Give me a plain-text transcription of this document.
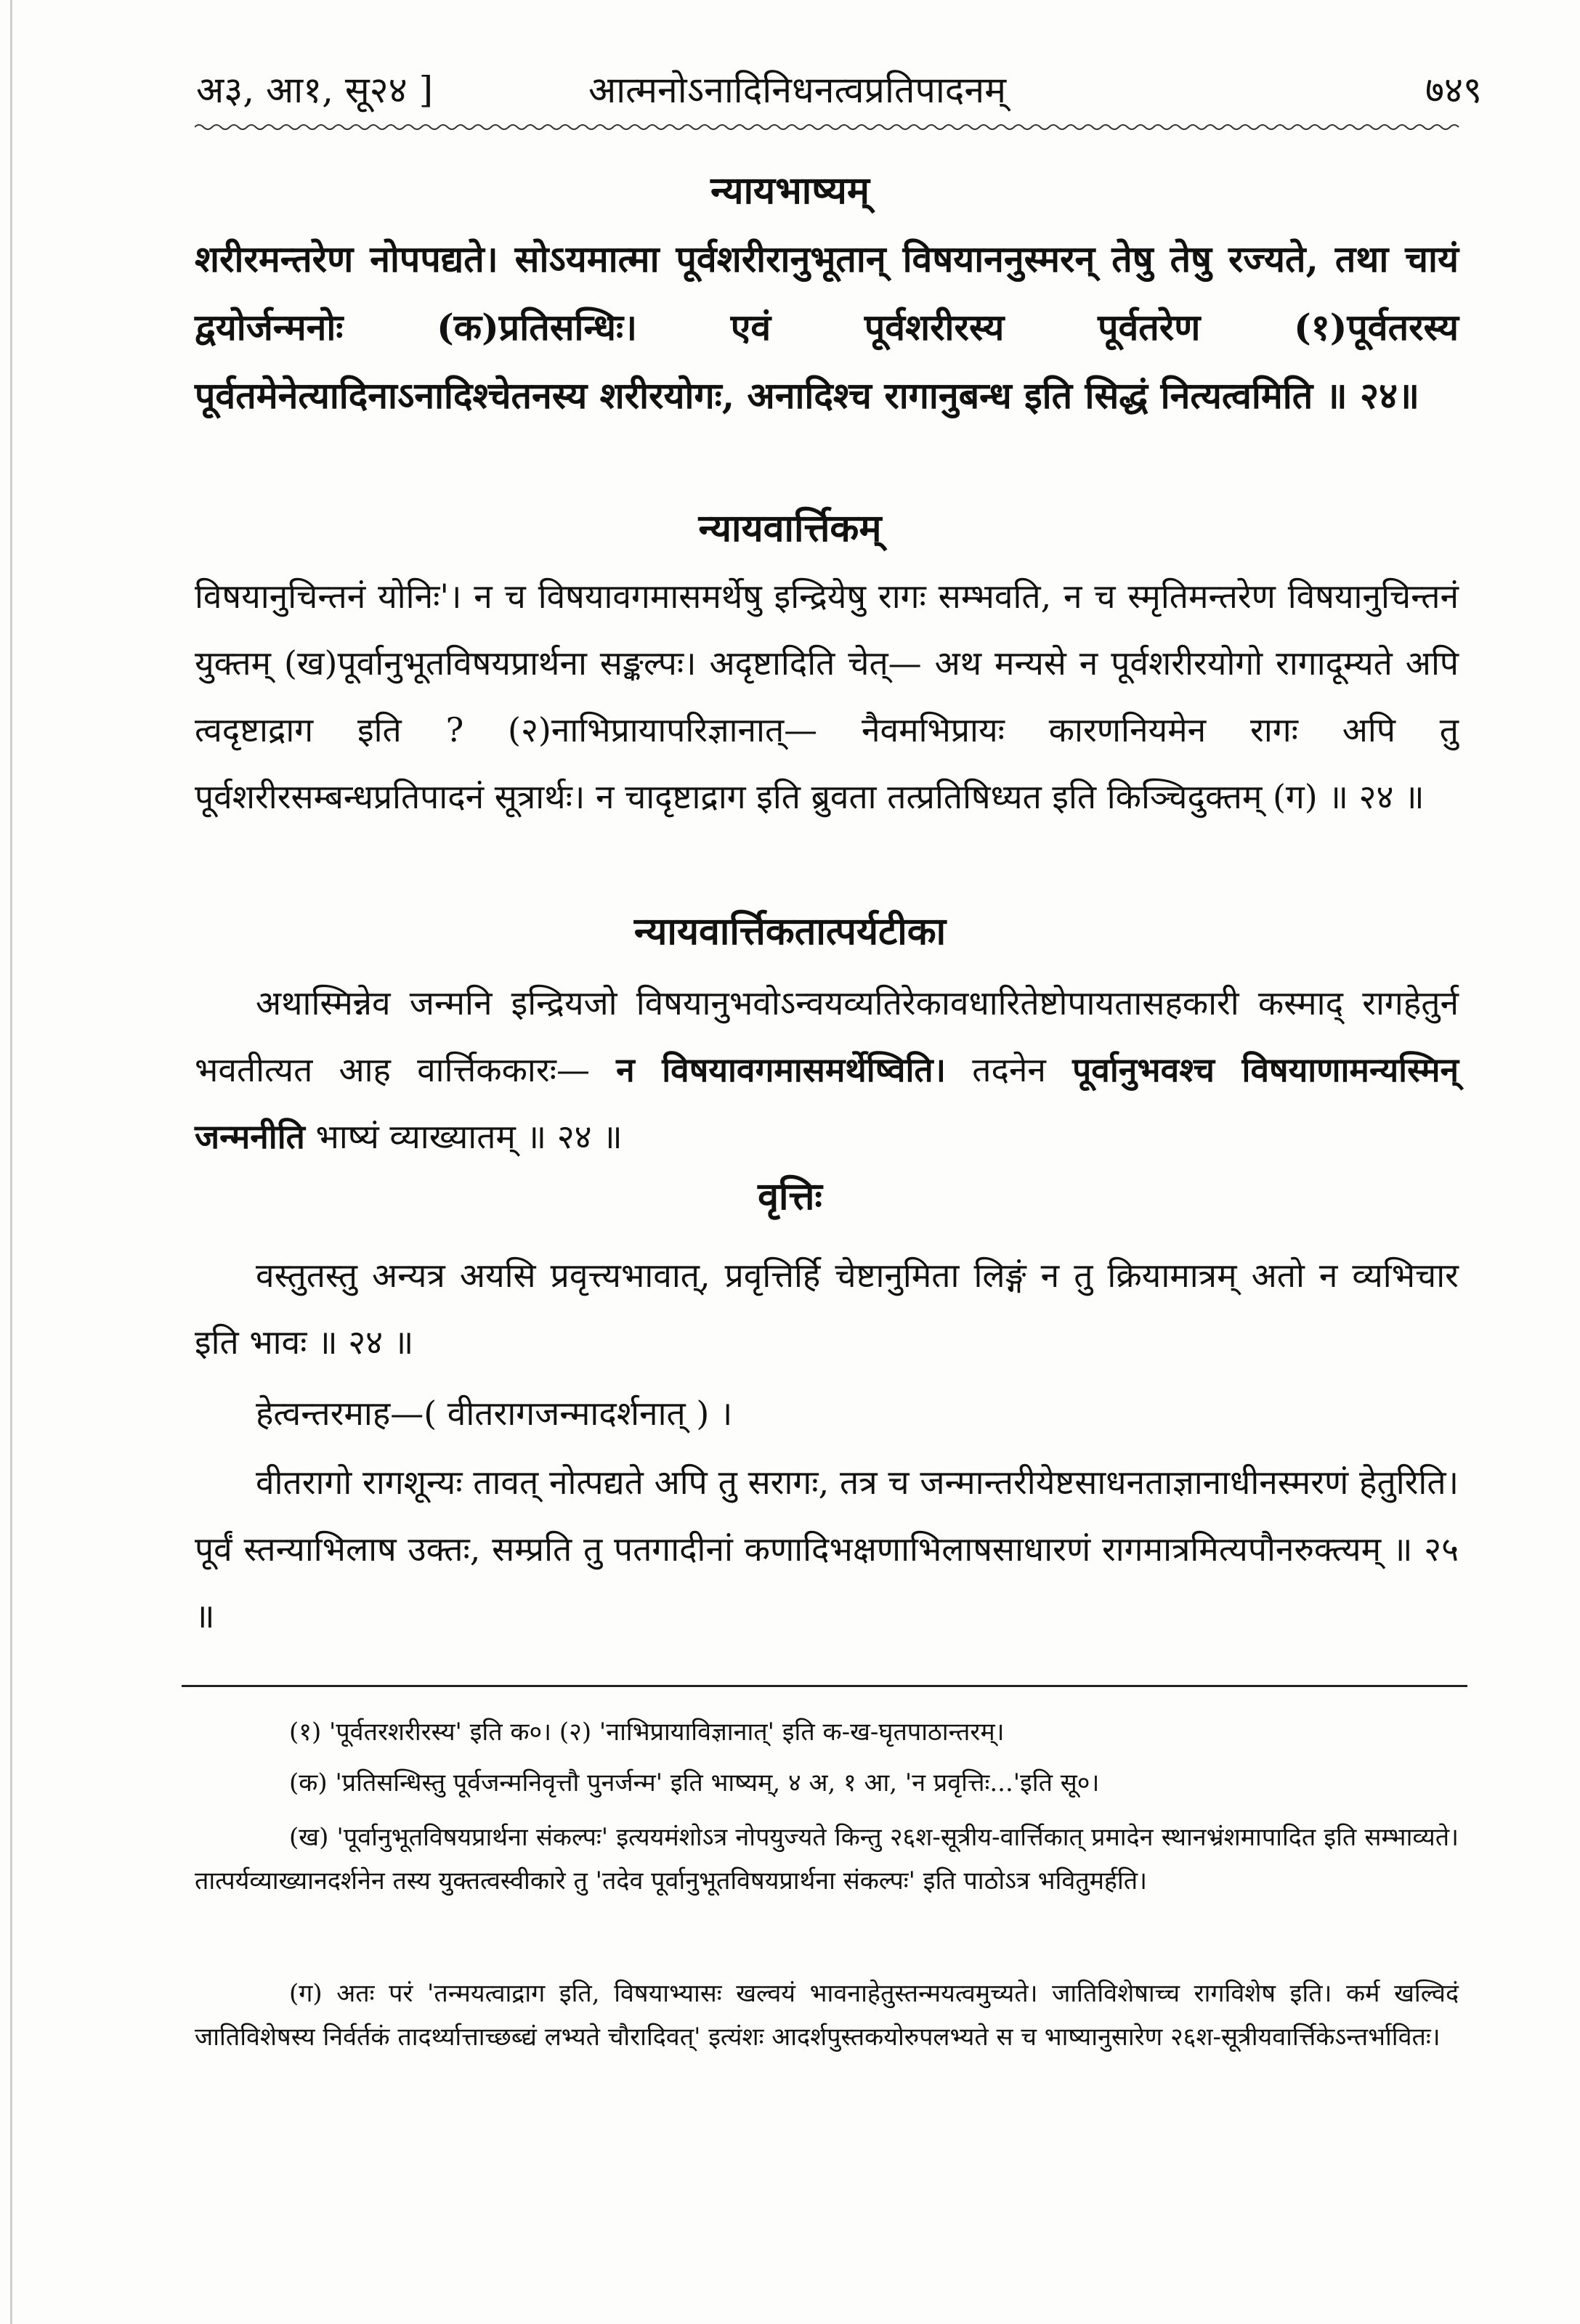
अ३, आ१, सू२४ ]	आत्मनोऽनादिनिधनत्वप्रतिपादनम्	७४९
न्यायभाष्यम्
शरीरमन्तरेण नोपपद्यते। सोऽयमात्मा पूर्वशरीरानुभूतान् विषयाननुस्मरन् तेषु तेषु रज्यते, तथा चायं द्वयोर्जन्मनोः (क)प्रतिसन्धिः। एवं पूर्वशरीरस्य पूर्वतरेण (१)पूर्वतरस्य पूर्वतमेनेत्यादिनाऽनादिश्चेतनस्य शरीरयोगः, अनादिश्च रागानुबन्ध इति सिद्धं नित्यत्वमिति ॥ २४॥
न्यायवार्त्तिकम्
विषयानुचिन्तनं योनिः'। न च विषयावगमासमर्थेषु इन्द्रियेषु रागः सम्भवति, न च स्मृतिमन्तरेण विषयानुचिन्तनं युक्तम् (ख)पूर्वानुभूतविषयप्रार्थना सङ्कल्पः। अदृष्टादिति चेत्— अथ मन्यसे न पूर्वशरीरयोगो रागादूम्यते अपि त्वदृष्टाद्राग इति ? (२)नाभिप्रायापरिज्ञानात्— नैवमभिप्रायः कारणनियमेन रागः अपि तु पूर्वशरीरसम्बन्धप्रतिपादनं सूत्रार्थः। न चादृष्टाद्राग इति ब्रुवता तत्प्रतिषिध्यत इति किञ्चिदुक्तम् (ग) ॥ २४ ॥
न्यायवार्त्तिकतात्पर्यटीका
अथास्मिन्नेव जन्मनि इन्द्रियजो विषयानुभवोऽन्वयव्यतिरेकावधारितेष्टोपायतासहकारी कस्माद् रागहेतुर्न भवतीत्यत आह वार्त्तिककारः— न विषयावगमासमर्थेष्विति। तदनेन पूर्वानुभवश्च विषयाणामन्यस्मिन् जन्मनीति भाष्यं व्याख्यातम् ॥ २४ ॥
वृत्तिः
वस्तुतस्तु अन्यत्र अयसि प्रवृत्त्यभावात्, प्रवृत्तिर्हि चेष्टानुमिता लिङ्गं न तु क्रियामात्रम् अतो न व्यभिचार इति भावः ॥ २४ ॥
हेत्वन्तरमाह—( वीतरागजन्मादर्शनात् ) ।
वीतरागो रागशून्यः तावत् नोत्पद्यते अपि तु सरागः, तत्र च जन्मान्तरीयेष्टसाधनताज्ञानाधीनस्मरणं हेतुरिति। पूर्वं स्तन्याभिलाष उक्तः, सम्प्रति तु पतगादीनां कणादिभक्षणाभिलाषसाधारणं रागमात्रमित्यपौनरुक्त्यम् ॥ २५ ॥
(१) 'पूर्वतरशरीरस्य' इति क०। (२) 'नाभिप्रायाविज्ञानात्' इति क-ख-घृतपाठान्तरम्।
(क) 'प्रतिसन्धिस्तु पूर्वजन्मनिवृत्तौ पुनर्जन्म' इति भाष्यम्, ४ अ, १ आ, 'न प्रवृत्तिः...'इति सू०।
(ख) 'पूर्वानुभूतविषयप्रार्थना संकल्पः' इत्ययमंशोऽत्र नोपयुज्यते किन्तु २६श-सूत्रीय-वार्त्तिकात् प्रमादेन स्थानभ्रंशमापादित इति सम्भाव्यते। तात्पर्यव्याख्यानदर्शनेन तस्य युक्तत्वस्वीकारे तु 'तदेव पूर्वानुभूतविषयप्रार्थना संकल्पः' इति पाठोऽत्र भवितुमर्हति।
(ग) अतः परं 'तन्मयत्वाद्राग इति, विषयाभ्यासः खल्वयं भावनाहेतुस्तन्मयत्वमुच्यते। जातिविशेषाच्च रागविशेष इति। कर्म खल्विदं जातिविशेषस्य निर्वर्तकं तादर्थ्यात्ताच्छब्द्यं लभ्यते चौरादिवत्' इत्यंशः आदर्शपुस्तकयोरुपलभ्यते स च भाष्यानुसारेण २६श-सूत्रीयवार्त्तिकेऽन्तर्भावितः।
